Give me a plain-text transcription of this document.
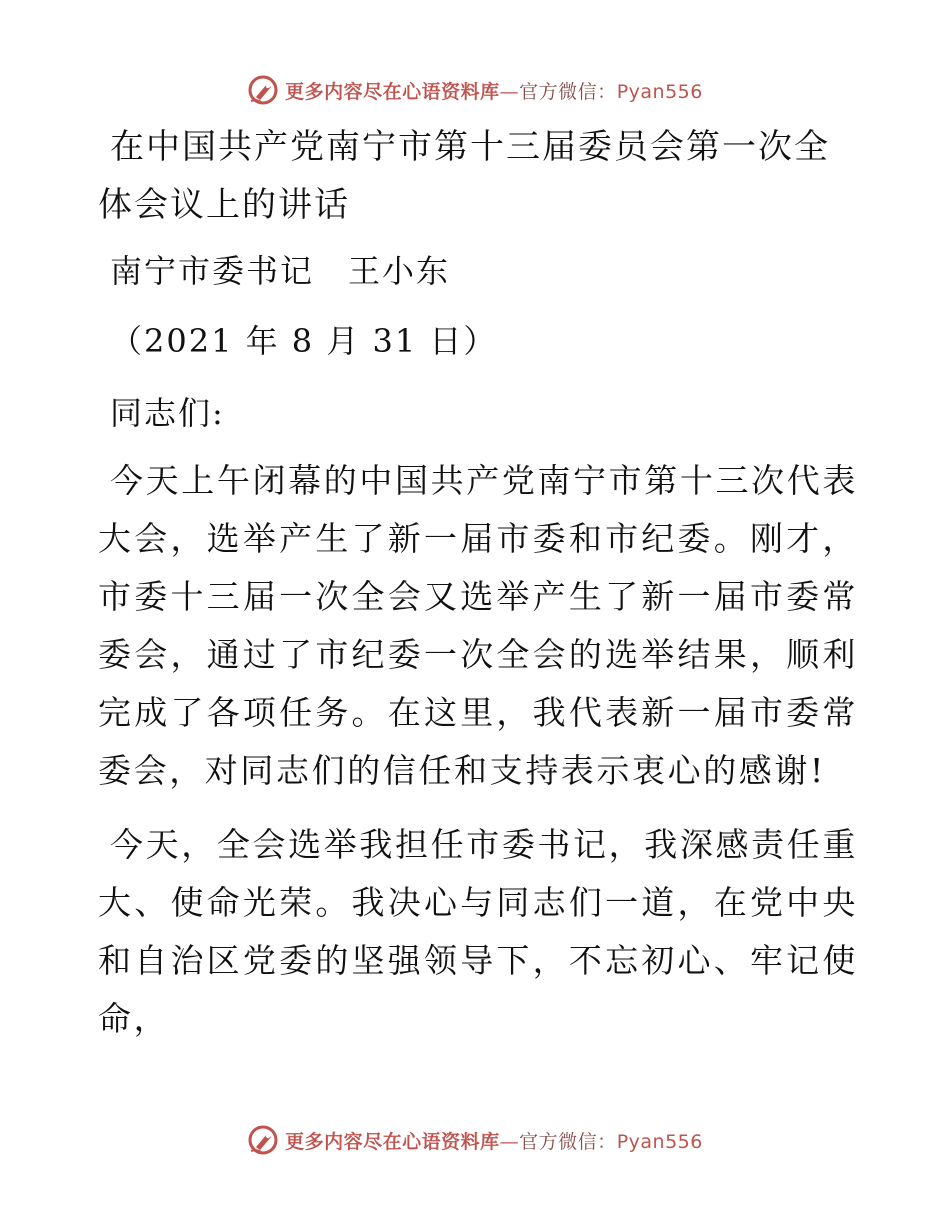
更多内容尽在心语资料库—官方微信：Pyan556
在中国共产党南宁市第十三届委员会第一次全体会议上的讲话

南宁市委书记　王小东

（2021 年 8 月 31 日）

同志们:

今天上午闭幕的中国共产党南宁市第十三次代表大会，选举产生了新一届市委和市纪委。刚才，市委十三届一次全会又选举产生了新一届市委常委会，通过了市纪委一次全会的选举结果，顺利完成了各项任务。在这里，我代表新一届市委常委会，对同志们的信任和支持表示衷心的感谢!

今天，全会选举我担任市委书记，我深感责任重大、使命光荣。我决心与同志们一道，在党中央和自治区党委的坚强领导下，不忘初心、牢记使命，

更多内容尽在心语资料库—官方微信：Pyan556
